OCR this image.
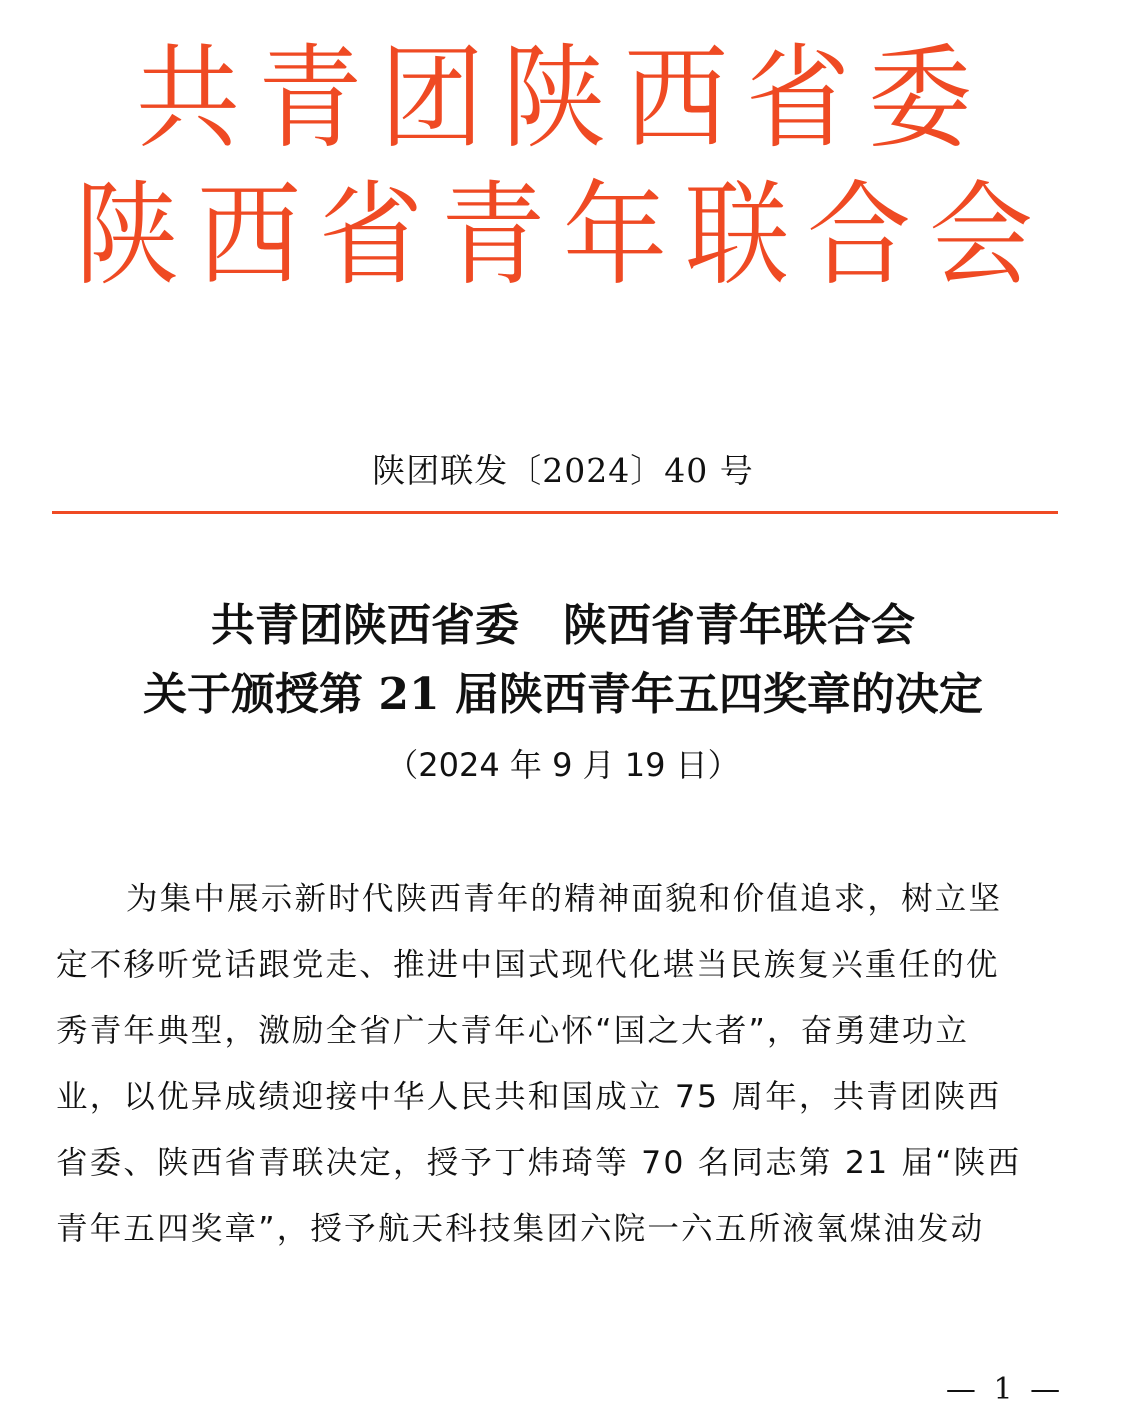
共青团陕西省委
陕西省青年联合会
陕团联发〔2024〕40 号
共青团陕西省委　陕西省青年联合会
关于颁授第 21 届陕西青年五四奖章的决定
（2024 年 9 月 19 日）
为集中展示新时代陕西青年的精神面貌和价值追求，树立坚
定不移听党话跟党走、推进中国式现代化堪当民族复兴重任的优
秀青年典型，激励全省广大青年心怀“国之大者”，奋勇建功立
业，以优异成绩迎接中华人民共和国成立 75 周年，共青团陕西
省委、陕西省青联决定，授予丁炜琦等 70 名同志第 21 届“陕西
青年五四奖章”，授予航天科技集团六院一六五所液氧煤油发动
— 1 —
